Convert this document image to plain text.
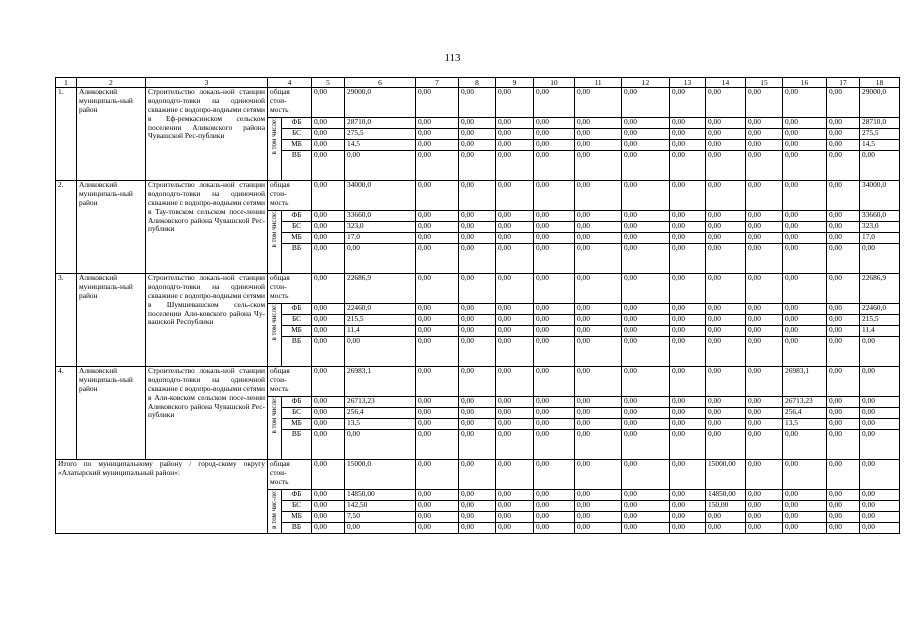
113
1	2	3	4		5	6	7	8	9	10	11	12	13	14	15	16	17	18
1.	Аликовский муниципаль-ный район	Строительство локаль-ной станции водоподго-товки на одиночной скважине с водопро-водными сетями в Еф-ремкасинском сельском поселении Аликовского района Чувашской Рес-публики	общая
стои-
мость		0,00	29000,0	0,00	0,00	0,00	0,00	0,00	0,00	0,00	0,00	0,00	0,00	0,00	29000,0

			в том числе:	ФБ	0,00	28710,0	0,00	0,00	0,00	0,00	0,00	0,00	0,00	0,00	0,00	0,00	0,00	28710,0
				БС	0,00	275,5	0,00	0,00	0,00	0,00	0,00	0,00	0,00	0,00	0,00	0,00	0,00	275,5
				МБ	0,00	14,5	0,00	0,00	0,00	0,00	0,00	0,00	0,00	0,00	0,00	0,00	0,00	14,5
				ВБ	0,00	0,00	0,00	0,00	0,00	0,00	0,00	0,00	0,00	0,00	0,00	0,00	0,00	0,00
2.	Аликовский муниципаль-ный район	Строительство локаль-ной станции водоподго-товки на одиночной скважине с водопро-водными сетями в Тау-товском сельском посе-лении Аликовского района Чувашской Рес-публики	общая
стои-
мость		0,00	34000,0	0,00	0,00	0,00	0,00	0,00	0,00	0,00	0,00	0,00	0,00	0,00	34000,0

			в том числе:	ФБ	0,00	33660,0	0,00	0,00	0,00	0,00	0,00	0,00	0,00	0,00	0,00	0,00	0,00	33660,0
				БС	0,00	323,0	0,00	0,00	0,00	0,00	0,00	0,00	0,00	0,00	0,00	0,00	0,00	323,0
				МБ	0,00	17,0	0,00	0,00	0,00	0,00	0,00	0,00	0,00	0,00	0,00	0,00	0,00	17,0
				ВБ	0,00	0,00	0,00	0,00	0,00	0,00	0,00	0,00	0,00	0,00	0,00	0,00	0,00	0,00
3.	Аликовский муниципаль-ный район	Строительство локаль-ной станции водоподго-товки на одиночной скважине с водопро-водными сетями в Шумшевашском сель-ском поселении Али-ковского района Чу-вашской Республики	общая
стои-
мость		0,00	22686,9	0,00	0,00	0,00	0,00	0,00	0,00	0,00	0,00	0,00	0,00	0,00	22686,9

			в том числе:	ФБ	0,00	22460,0	0,00	0,00	0,00	0,00	0,00	0,00	0,00	0,00	0,00	0,00	0,00	22460,0
				БС	0,00	215,5	0,00	0,00	0,00	0,00	0,00	0,00	0,00	0,00	0,00	0,00	0,00	215,5
				МБ	0,00	11,4	0,00	0,00	0,00	0,00	0,00	0,00	0,00	0,00	0,00	0,00	0,00	11,4
				ВБ	0,00	0,00	0,00	0,00	0,00	0,00	0,00	0,00	0,00	0,00	0,00	0,00	0,00	0,00
4.	Аликовский муниципаль-ный район	Строительство локаль-ной станции водоподго-товки на одиночной скважине с водопро-водными сетями в Али-ковском сельском посе-лении Аликовского района Чувашской Рес-публики	общая
стои-
мость		0,00	26983,1	0,00	0,00	0,00	0,00	0,00	0,00	0,00	0,00	0,00	26983,1	0,00	0,00

			в том числе:	ФБ	0,00	26713,23	0,00	0,00	0,00	0,00	0,00	0,00	0,00	0,00	0,00	26713,23	0,00	0,00
				БС	0,00	256,4	0,00	0,00	0,00	0,00	0,00	0,00	0,00	0,00	0,00	256,4	0,00	0,00
				МБ	0,00	13,5	0,00	0,00	0,00	0,00	0,00	0,00	0,00	0,00	0,00	13,5	0,00	0,00
				ВБ	0,00	0,00	0,00	0,00	0,00	0,00	0,00	0,00	0,00	0,00	0,00	0,00	0,00	0,00
Итого по муниципальному району / город-скому округу «Алатырский муниципальный район»:			общая
стои-
мость		0,00	15000,0	0,00	0,00	0,00	0,00	0,00	0,00	0,00	15000,00	0,00	0,00	0,00	0,00

			в том чис-ле:	ФБ	0,00	14850,00	0,00	0,00	0,00	0,00	0,00	0,00	0,00	14850,00	0,00	0,00	0,00	0,00
				БС	0,00	142,50	0,00	0,00	0,00	0,00	0,00	0,00	0,00	150,00	0,00	0,00	0,00	0,00
				МБ	0,00	7,50	0,00	0,00	0,00	0,00	0,00	0,00	0,00	0,00	0,00	0,00	0,00	0,00
				ВБ	0,00	0,00	0,00	0,00	0,00	0,00	0,00	0,00	0,00	0,00	0,00	0,00	0,00	0,00
